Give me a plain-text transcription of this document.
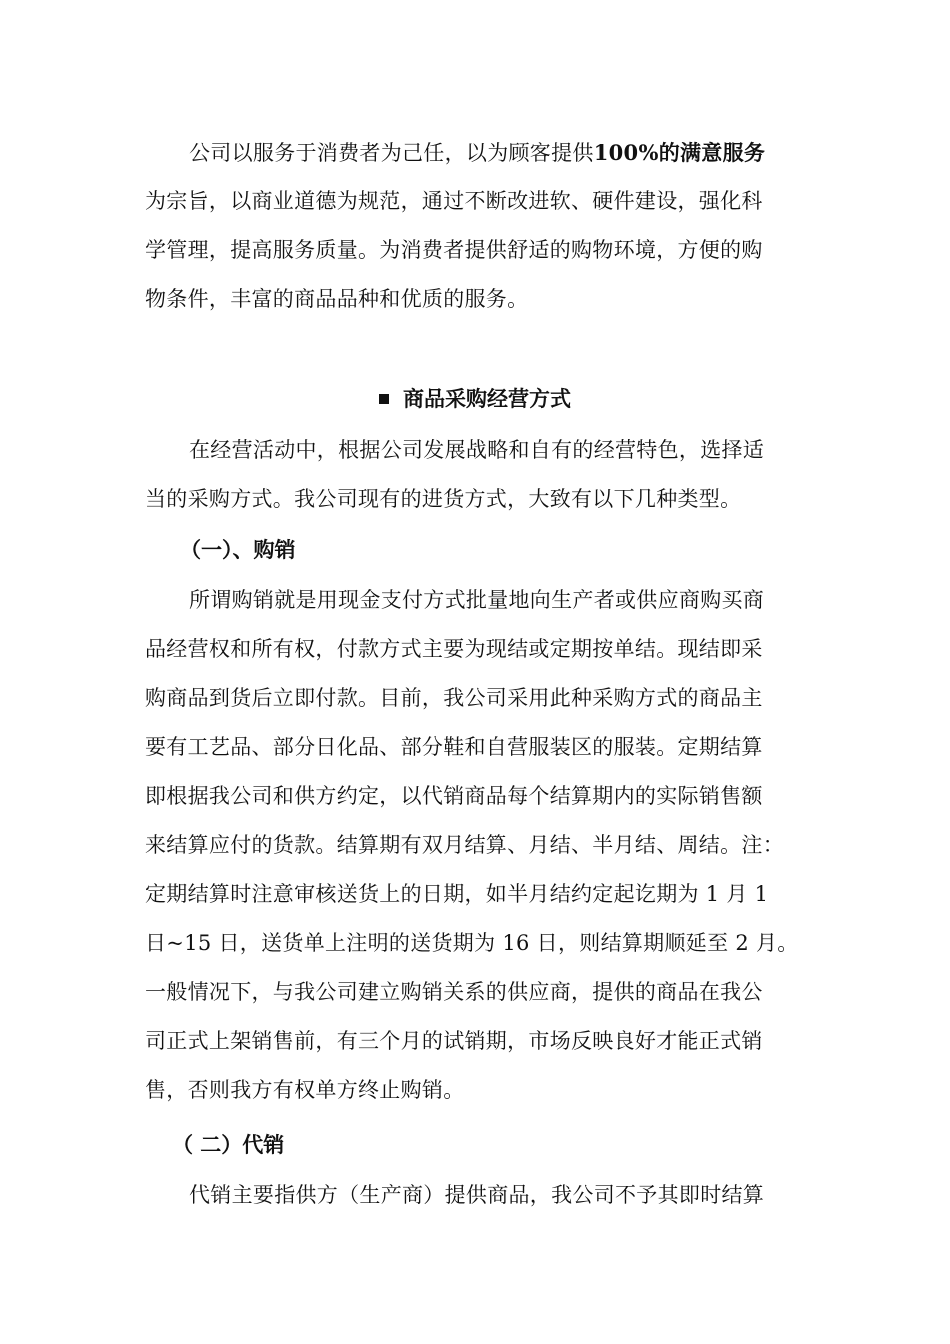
公司以服务于消费者为己任，以为顾客提供100%的满意服务
为宗旨，以商业道德为规范，通过不断改进软、硬件建设，强化科
学管理，提高服务质量。为消费者提供舒适的购物环境，方便的购
物条件，丰富的商品品种和优质的服务。
商品采购经营方式
在经营活动中，根据公司发展战略和自有的经营特色，选择适
当的采购方式。我公司现有的进货方式，大致有以下几种类型。
（一）、购销
所谓购销就是用现金支付方式批量地向生产者或供应商购买商
品经营权和所有权，付款方式主要为现结或定期按单结。现结即采
购商品到货后立即付款。目前，我公司采用此种采购方式的商品主
要有工艺品、部分日化品、部分鞋和自营服装区的服装。定期结算
即根据我公司和供方约定，以代销商品每个结算期内的实际销售额
来结算应付的货款。结算期有双月结算、月结、半月结、周结。注：
定期结算时注意审核送货上的日期，如半月结约定起讫期为 1 月 1
日~15 日，送货单上注明的送货期为 16 日，则结算期顺延至 2 月。
一般情况下，与我公司建立购销关系的供应商，提供的商品在我公
司正式上架销售前，有三个月的试销期，市场反映良好才能正式销
售，否则我方有权单方终止购销。
（ 二）代销
代销主要指供方（生产商）提供商品，我公司不予其即时结算
